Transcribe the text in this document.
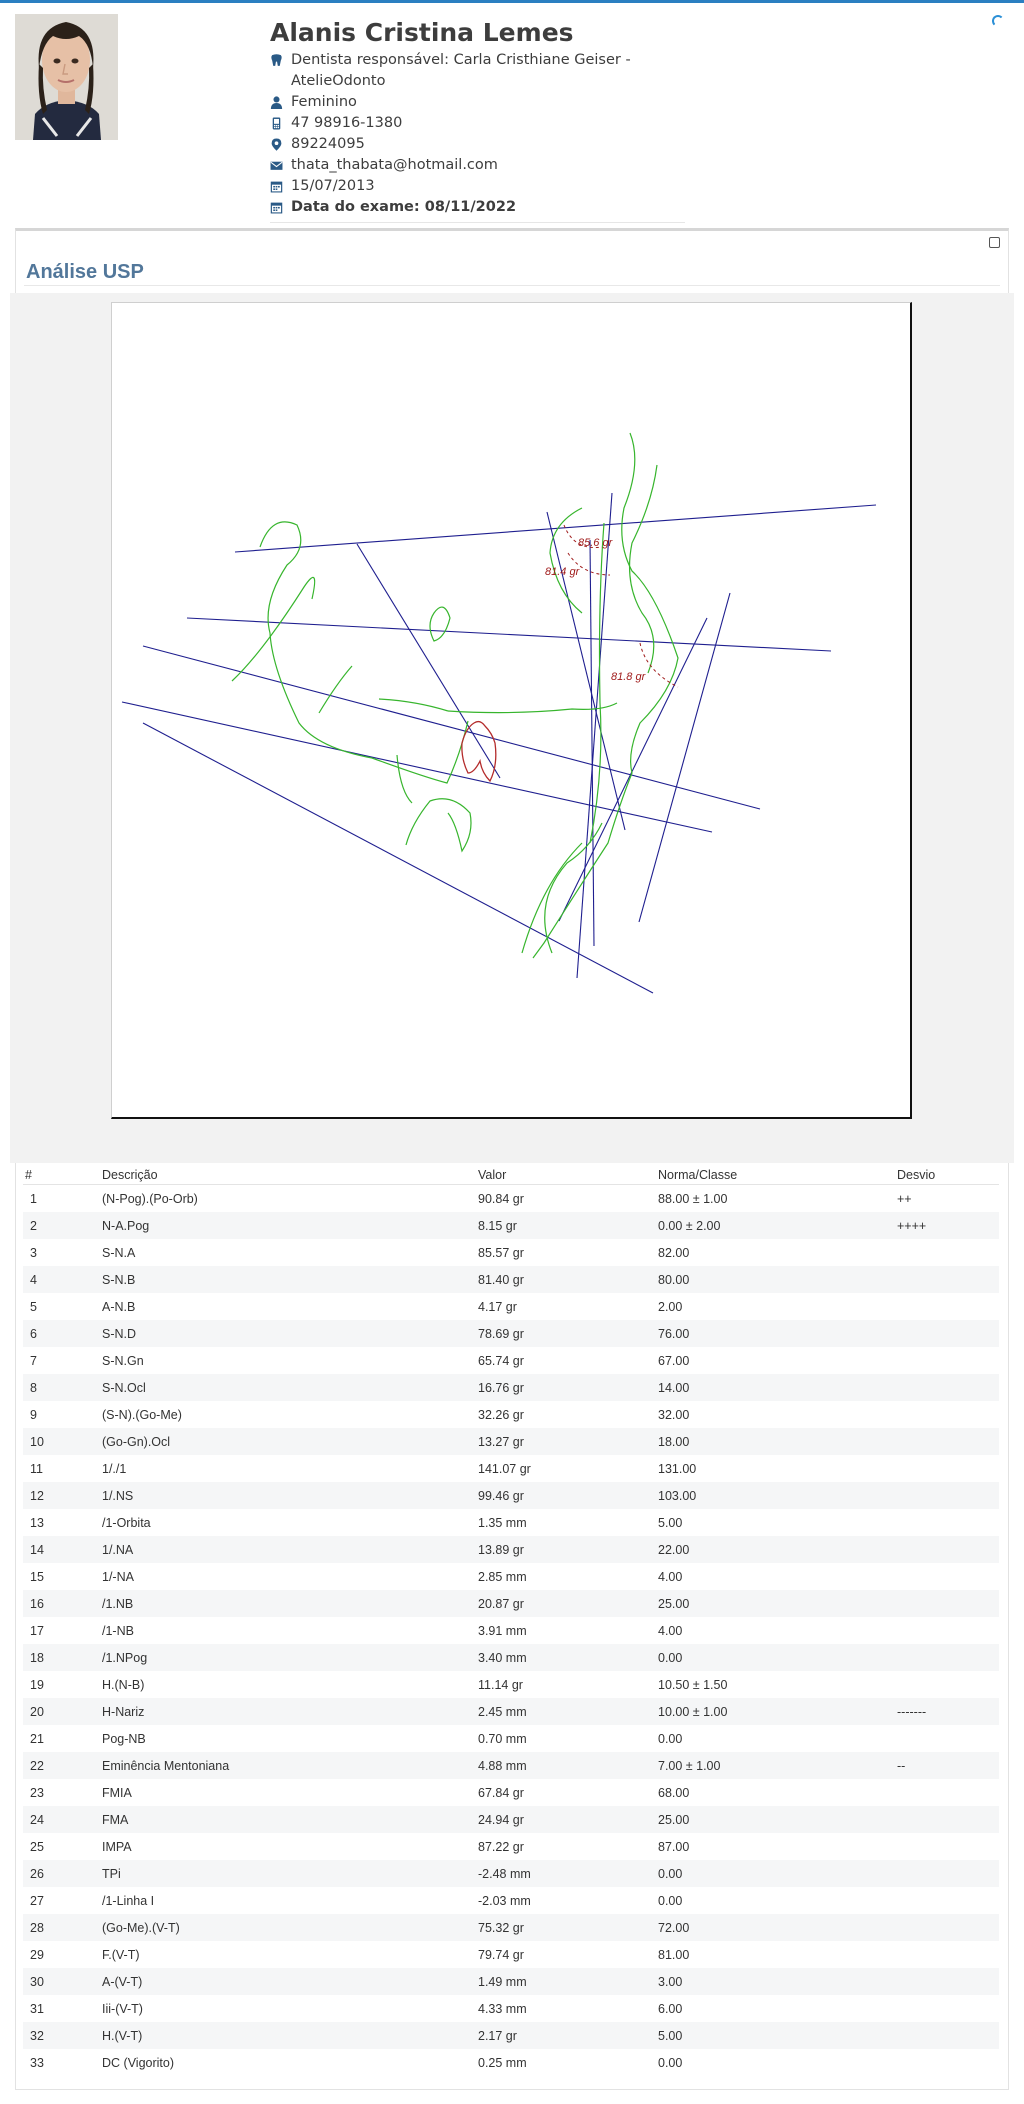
Alanis Cristina Lemes
Dentista responsável: Carla Cristhiane Geiser - AtelieOdonto
Feminino
47 98916-1380
89224095
thata_thabata@hotmail.com
15/07/2013
Data do exame: 08/11/2022
Análise USP
85.6 gr
81.4 gr
81.8 gr
#	Descrição	Valor	Norma/Classe	Desvio
1	(N-Pog).(Po-Orb)	90.84 gr	88.00 ± 1.00	++
2	N-A.Pog	8.15 gr	0.00 ± 2.00	++++
3	S-N.A	85.57 gr	82.00	
4	S-N.B	81.40 gr	80.00	
5	A-N.B	4.17 gr	2.00	
6	S-N.D	78.69 gr	76.00	
7	S-N.Gn	65.74 gr	67.00	
8	S-N.Ocl	16.76 gr	14.00	
9	(S-N).(Go-Me)	32.26 gr	32.00	
10	(Go-Gn).Ocl	13.27 gr	18.00	
11	1/./1	141.07 gr	131.00	
12	1/.NS	99.46 gr	103.00	
13	/1-Orbita	1.35 mm	5.00	
14	1/.NA	13.89 gr	22.00	
15	1/-NA	2.85 mm	4.00	
16	/1.NB	20.87 gr	25.00	
17	/1-NB	3.91 mm	4.00	
18	/1.NPog	3.40 mm	0.00	
19	H.(N-B)	11.14 gr	10.50 ± 1.50	
20	H-Nariz	2.45 mm	10.00 ± 1.00	-------
21	Pog-NB	0.70 mm	0.00	
22	Eminência Mentoniana	4.88 mm	7.00 ± 1.00	--
23	FMIA	67.84 gr	68.00	
24	FMA	24.94 gr	25.00	
25	IMPA	87.22 gr	87.00	
26	TPi	-2.48 mm	0.00	
27	/1-Linha I	-2.03 mm	0.00	
28	(Go-Me).(V-T)	75.32 gr	72.00	
29	F.(V-T)	79.74 gr	81.00	
30	A-(V-T)	1.49 mm	3.00	
31	Iii-(V-T)	4.33 mm	6.00	
32	H.(V-T)	2.17 gr	5.00	
33	DC (Vigorito)	0.25 mm	0.00	
